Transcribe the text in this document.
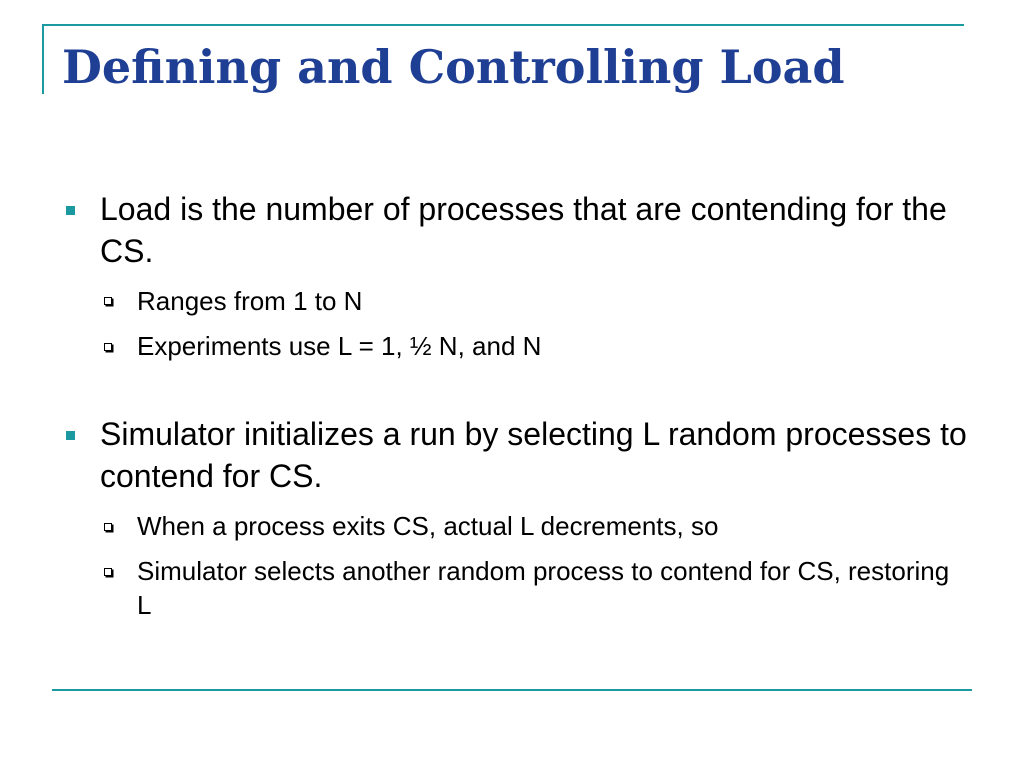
Defining and Controlling Load
Load is the number of processes that are contending for the CS.
Ranges from 1 to N
Experiments use L = 1, ½ N, and N
Simulator initializes a run by selecting L random processes to contend for CS.
When a process exits CS, actual L decrements, so
Simulator selects another random process to contend for CS, restoring L
